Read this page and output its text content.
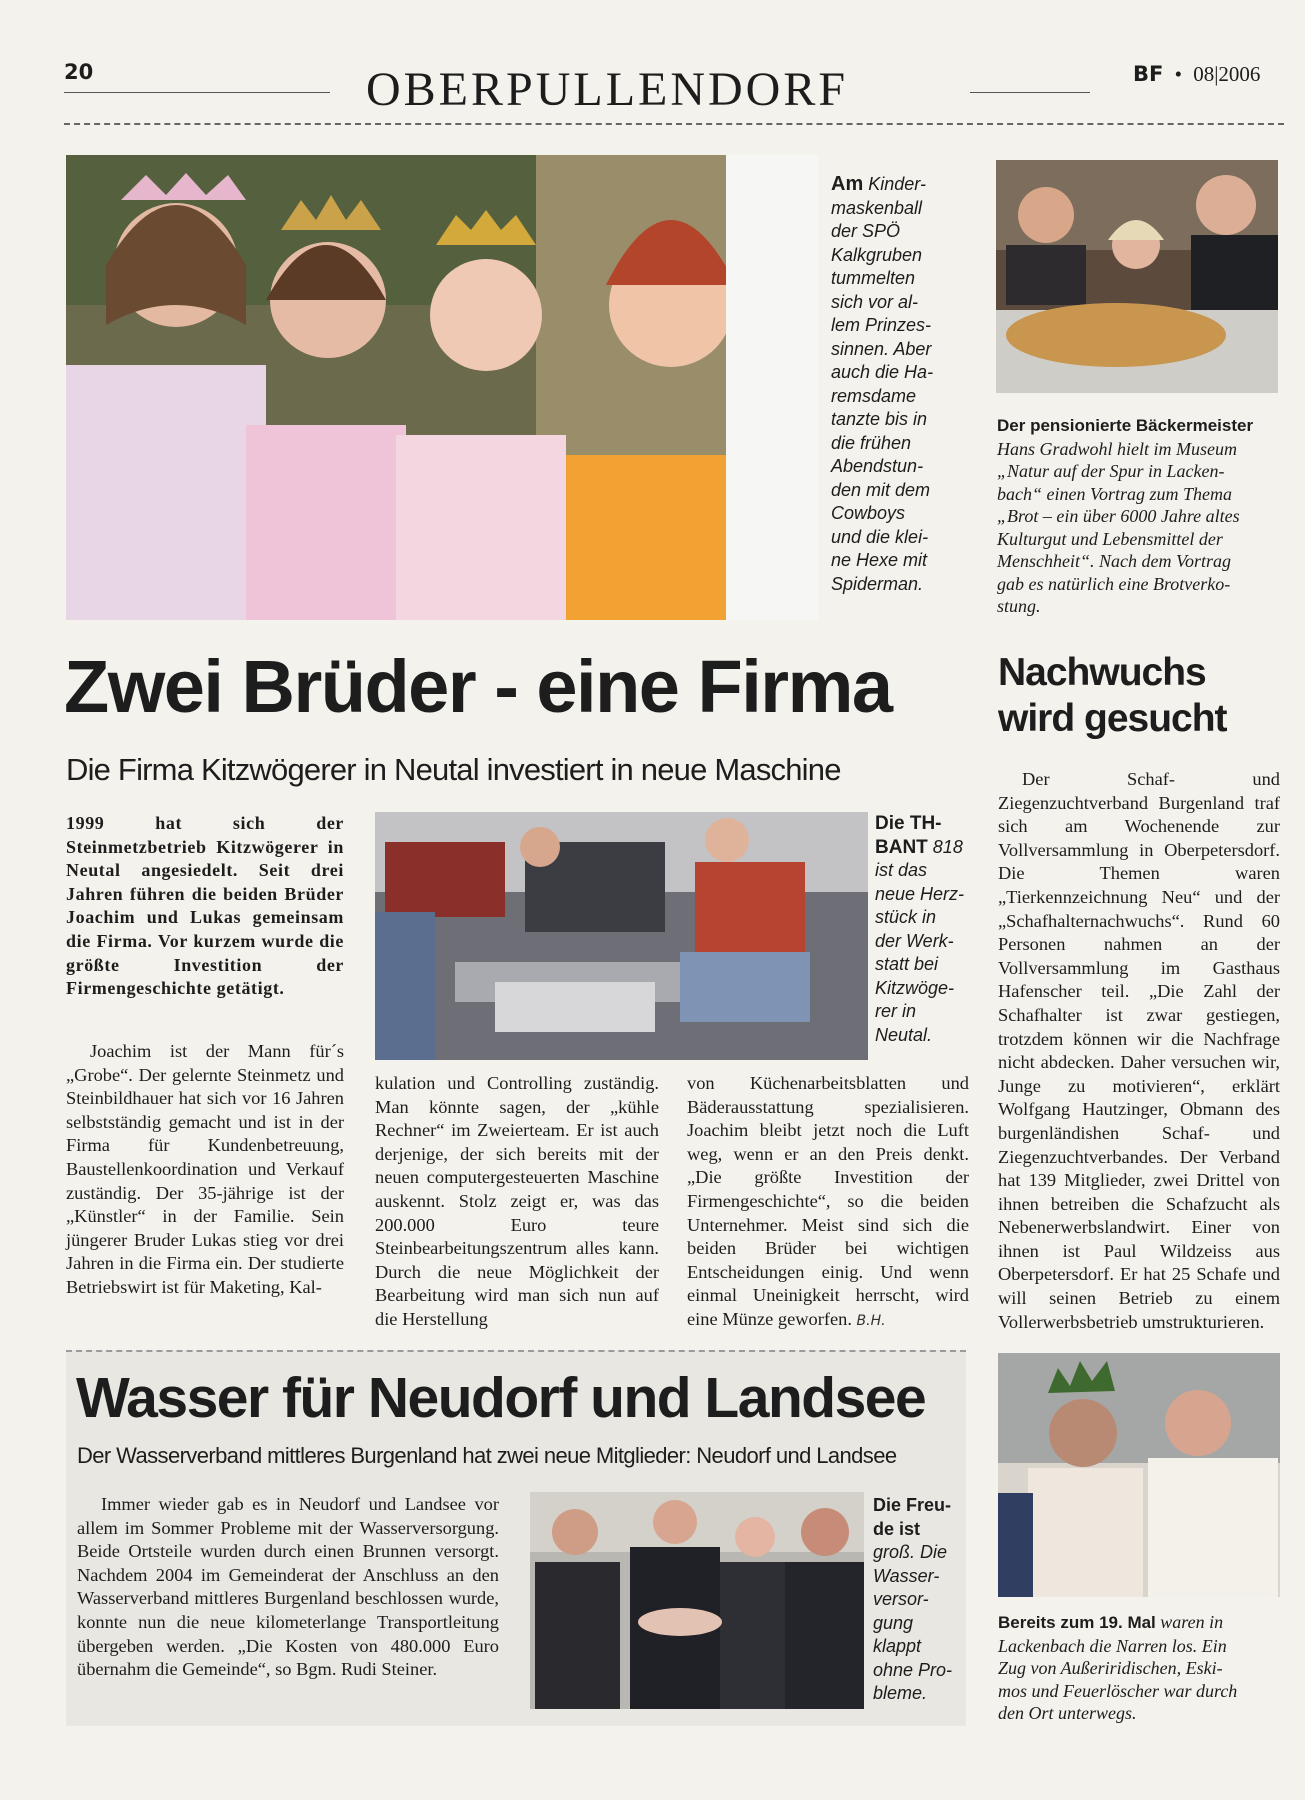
20	OBERPULLENDORF	BF • 08|2006
Am Kinder-
maskenball
der SPÖ
Kalkgruben
tummelten
sich vor al-
lem Prinzes-
sinnen. Aber
auch die Ha-
remsdame
tanzte bis in
die frühen
Abendstun-
den mit dem
Cowboys
und die klei-
ne Hexe mit
Spiderman.
Der pensionierte Bäckermeister
Hans Gradwohl hielt im Museum
„Natur auf der Spur in Lacken-
bach“ einen Vortrag zum Thema
„Brot – ein über 6000 Jahre altes
Kulturgut und Lebensmittel der
Menschheit“. Nach dem Vortrag
gab es natürlich eine Brotverko-
stung.
Zwei Brüder - eine Firma
Die Firma Kitzwögerer in Neutal investiert in neue Maschine
1999 hat sich der Steinmetzbetrieb Kitzwögerer in Neutal angesiedelt. Seit drei Jahren führen die beiden Brüder Joachim und Lukas gemeinsam die Firma. Vor kurzem wurde die größte Investition der Firmengeschichte getätigt.
Joachim ist der Mann für´s „Grobe“. Der gelernte Steinmetz und Steinbildhauer hat sich vor 16 Jahren selbstständig gemacht und ist in der Firma für Kundenbetreuung, Baustellenkoordination und Verkauf zuständig. Der 35-jährige ist der „Künstler“ in der Familie. Sein jüngerer Bruder Lukas stieg vor drei Jahren in die Firma ein. Der studierte Betriebswirt ist für Maketing, Kal-
Die TH-BANT 818
ist das
neue Herz-
stück in
der Werk-
statt bei
Kitzwöge-
rer in
Neutal.
kulation und Controlling zuständig. Man könnte sagen, der „kühle Rechner“ im Zweierteam. Er ist auch derjenige, der sich bereits mit der neuen computergesteuerten Maschine auskennt. Stolz zeigt er, was das 200.000 Euro teure Steinbearbeitungszentrum alles kann. Durch die neue Möglichkeit der Bearbeitung wird man sich nun auf die Herstellung
von Küchenarbeitsblatten und Bäderausstattung spezialisieren. Joachim bleibt jetzt noch die Luft weg, wenn er an den Preis denkt. „Die größte Investition der Firmengeschichte“, so die beiden Unternehmer. Meist sind sich die beiden Brüder bei wichtigen Entscheidungen einig. Und wenn einmal Uneinigkeit herrscht, wird eine Münze geworfen. B.H.
Nachwuchs
wird gesucht
Der Schaf- und Ziegenzuchtverband Burgenland traf sich am Wochenende zur Vollversammlung in Oberpetersdorf. Die Themen waren „Tierkennzeichnung Neu“ und der „Schafhalternachwuchs“. Rund 60 Personen nahmen an der Vollversammlung im Gasthaus Hafenscher teil. „Die Zahl der Schafhalter ist zwar gestiegen, trotzdem können wir die Nachfrage nicht abdecken. Daher versuchen wir, Junge zu motivieren“, erklärt Wolfgang Hautzinger, Obmann des burgenländishen Schaf- und Ziegenzuchtverbandes. Der Verband hat 139 Mitglieder, zwei Drittel von ihnen betreiben die Schafzucht als Nebenerwerbslandwirt. Einer von ihnen ist Paul Wildzeiss aus Oberpetersdorf. Er hat 25 Schafe und will seinen Betrieb zu einem Vollerwerbsbetrieb umstrukturieren.
Wasser für Neudorf und Landsee
Der Wasserverband mittleres Burgenland hat zwei neue Mitglieder: Neudorf und Landsee
Immer wieder gab es in Neudorf und Landsee vor allem im Sommer Probleme mit der Wasserversorgung. Beide Ortsteile wurden durch einen Brunnen versorgt. Nachdem 2004 im Gemeinderat der Anschluss an den Wasserverband mittleres Burgenland beschlossen wurde, konnte nun die neue kilometerlange Transportleitung übergeben werden. „Die Kosten von 480.000 Euro übernahm die Gemeinde“, so Bgm. Rudi Steiner.
Die Freu-
de ist
groß. Die
Wasser-
versor-
gung
klappt
ohne Pro-
bleme.
Bereits zum 19. Mal waren in
Lackenbach die Narren los. Ein
Zug von Außeriridischen, Eski-
mos und Feuerlöscher war durch
den Ort unterwegs.
